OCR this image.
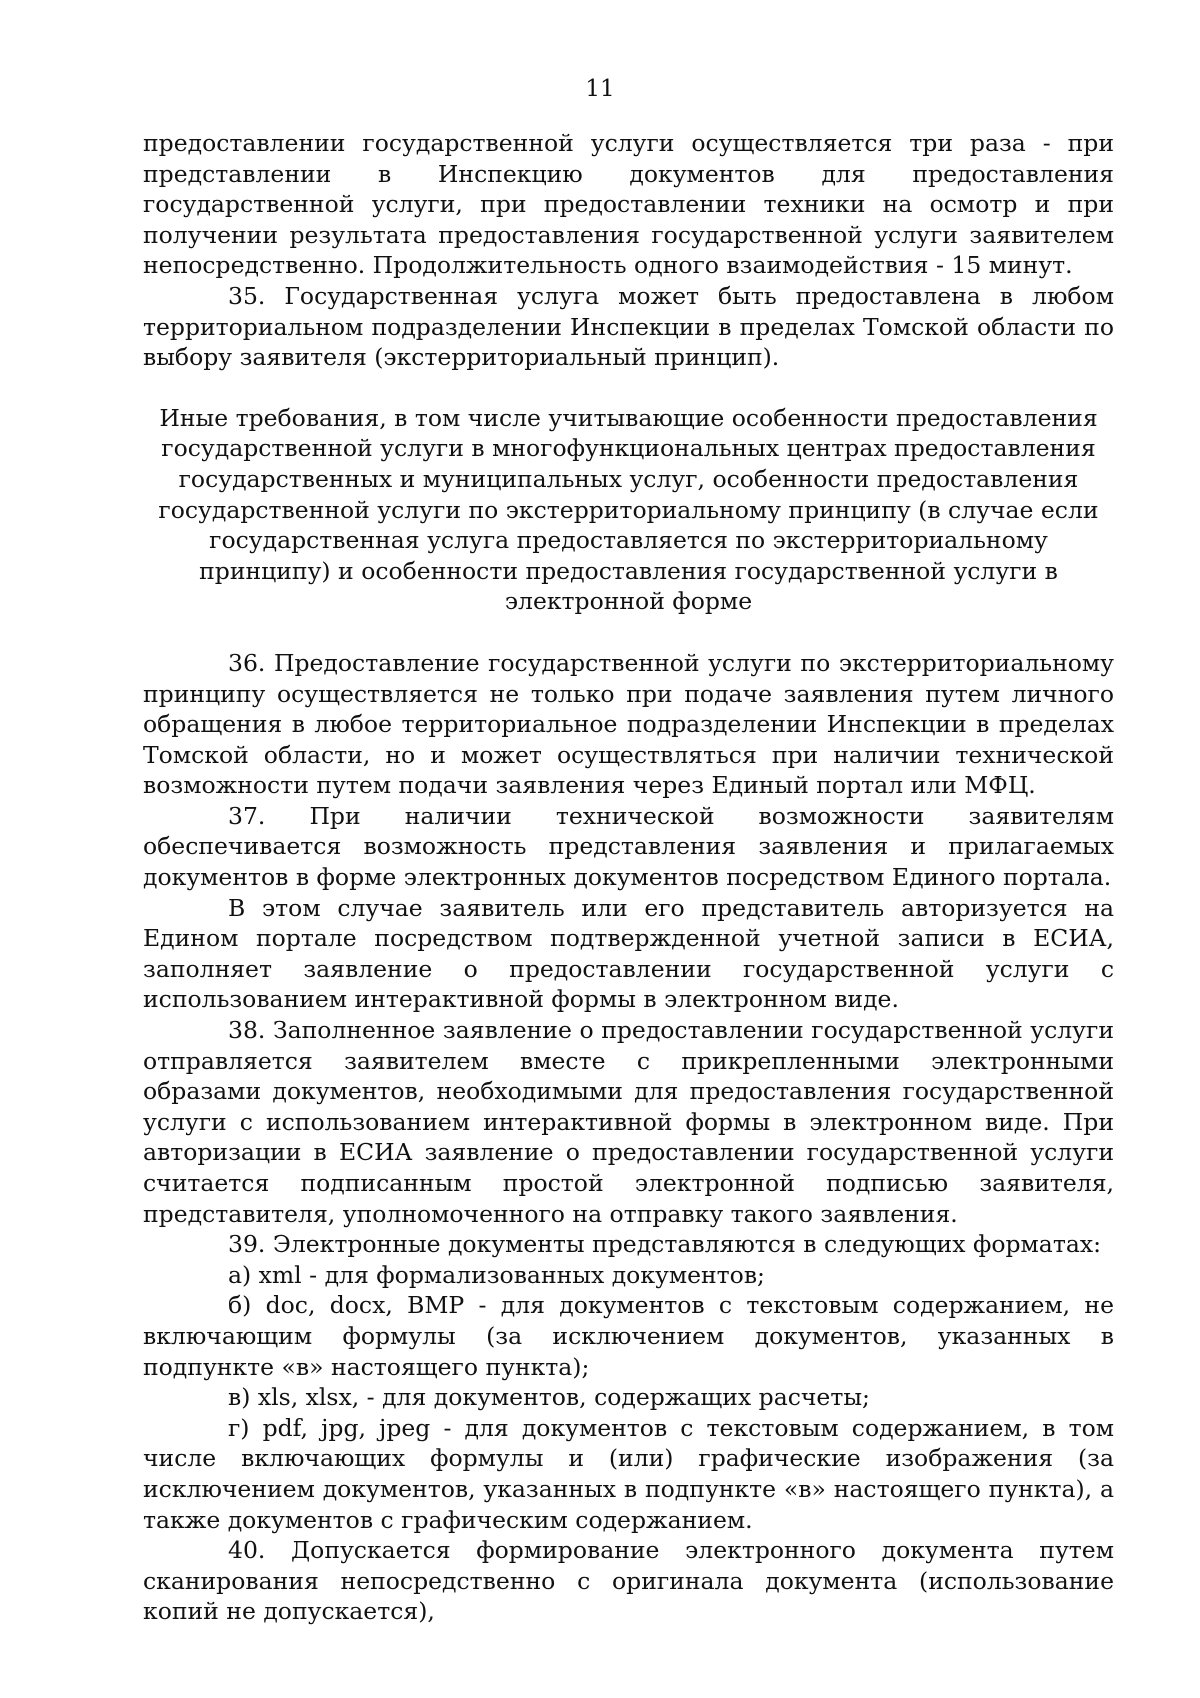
11

предоставлении государственной услуги осуществляется три раза - при представлении в Инспекцию документов для предоставления государственной услуги, при предоставлении техники на осмотр и при получении результата предоставления государственной услуги заявителем непосредственно. Продолжительность одного взаимодействия - 15 минут.

35. Государственная услуга может быть предоставлена в любом территориальном подразделении Инспекции в пределах Томской области по выбору заявителя (экстерриториальный принцип).

Иные требования, в том числе учитывающие особенности предоставления государственной услуги в многофункциональных центрах предоставления государственных и муниципальных услуг, особенности предоставления государственной услуги по экстерриториальному принципу (в случае если государственная услуга предоставляется по экстерриториальному принципу) и особенности предоставления государственной услуги в электронной форме

36. Предоставление государственной услуги по экстерриториальному принципу осуществляется не только при подаче заявления путем личного обращения в любое территориальное подразделении Инспекции в пределах Томской области, но и может осуществляться при наличии технической возможности путем подачи заявления через Единый портал или МФЦ.

37. При наличии технической возможности заявителям обеспечивается возможность представления заявления и прилагаемых документов в форме электронных документов посредством Единого портала.

В этом случае заявитель или его представитель авторизуется на Едином портале посредством подтвержденной учетной записи в ЕСИА, заполняет заявление о предоставлении государственной услуги с использованием интерактивной формы в электронном виде.

38. Заполненное заявление о предоставлении государственной услуги отправляется заявителем вместе с прикрепленными электронными образами документов, необходимыми для предоставления государственной услуги с использованием интерактивной формы в электронном виде. При авторизации в ЕСИА заявление о предоставлении государственной услуги считается подписанным простой электронной подписью заявителя, представителя, уполномоченного на отправку такого заявления.

39. Электронные документы представляются в следующих форматах:

а) xml - для формализованных документов;

б) doc, docx, BMP - для документов с текстовым содержанием, не включающим формулы (за исключением документов, указанных в подпункте «в» настоящего пункта);

в) xls, xlsx, - для документов, содержащих расчеты;

г) pdf, jpg, jpeg - для документов с текстовым содержанием, в том числе включающих формулы и (или) графические изображения (за исключением документов, указанных в подпункте «в» настоящего пункта), а также документов с графическим содержанием.

40. Допускается формирование электронного документа путем сканирования непосредственно с оригинала документа (использование копий не допускается),
